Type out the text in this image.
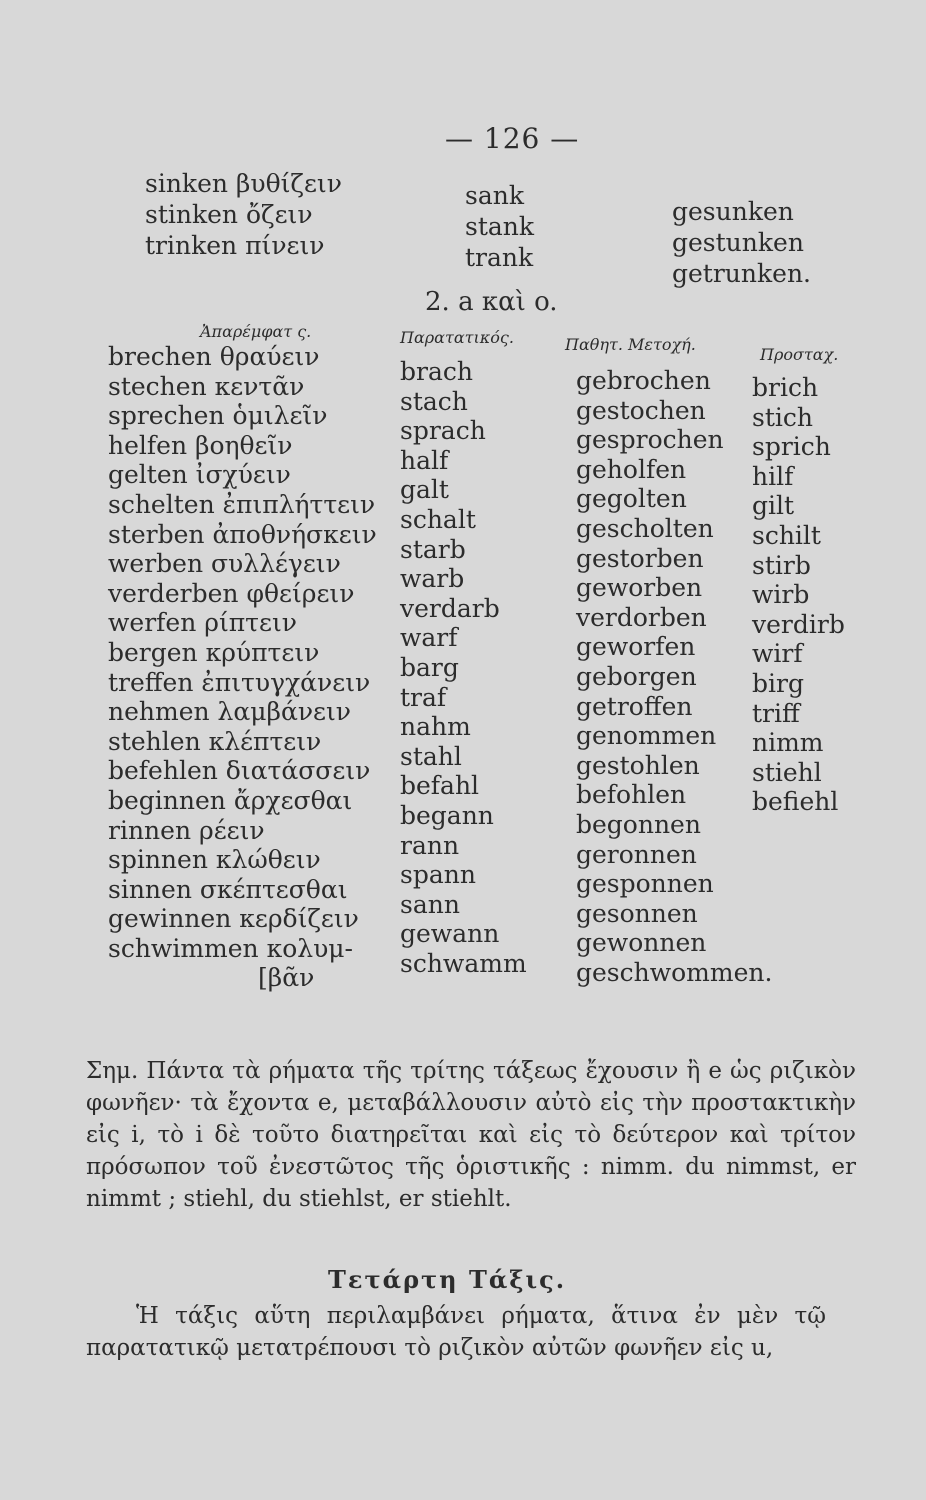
— 126 —
sinken βυθίζειν
stinken ὄζειν
trinken πίνειν
sank
stank
trank
gesunken
gestunken
getrunken.
2. a καὶ o.
Ἀπαρέμφατ ς.	Παρατατικός.	Παθητ. Μετοχή.
Προσταχ.
brechen θραύειν
stechen κεντᾶν
sprechen ὁμιλεῖν
helfen βοηθεῖν
gelten ἰσχύειν
schelten ἐπιπλήττειν
sterben ἀποθνήσκειν
werben συλλέγειν
verderben φθείρειν
werfen ρίπτειν
bergen κρύπτειν
treffen ἐπιτυγχάνειν
nehmen λαμβάνειν
stehlen κλέπτειν
befehlen διατάσσειν
beginnen ἄρχεσθαι
rinnen ρέειν
spinnen κλώθειν
sinnen σκέπτεσθαι
gewinnen κερδίζειν
schwimmen κολυμ-
[βᾶν
brach
stach
sprach
half
galt
schalt
starb
warb
verdarb
warf
barg
traf
nahm
stahl
befahl
begann
rann
spann
sann
gewann
schwamm
gebrochen
gestochen
gesprochen
geholfen
gegolten
gescholten
gestorben
geworben
verdorben
geworfen
geborgen
getroffen
genommen
gestohlen
befohlen
begonnen
geronnen
gesponnen
gesonnen
gewonnen
geschwommen.
brich
stich
sprich
hilf
gilt
schilt
stirb
wirb
verdirb
wirf
birg
triff
nimm
stiehl
befiehl
Σημ. Πάντα τὰ ρήματα τῆς τρίτης τάξεως ἔχουσιν ἢ e ὡς ριζικὸν φωνῆεν· τὰ ἔχοντα e, μεταβάλλουσιν αὐτὸ εἰς τὴν προστακτικὴν εἰς i, τὸ i δὲ τοῦτο διατηρεῖται καὶ εἰς τὸ δεύτερον καὶ τρίτον πρόσωπον τοῦ ἐνεστῶτος τῆς ὁριστικῆς : nimm. du nimmst, er nimmt ; stiehl, du stiehlst, er stiehlt.
Τετάρτη Τάξις.
Ἡ τάξις αὕτη περιλαμβάνει ρήματα, ἅτινα ἐν μὲν τῷ παρατατικῷ μετατρέπουσι τὸ ριζικὸν αὐτῶν φωνῆεν εἰς u,
